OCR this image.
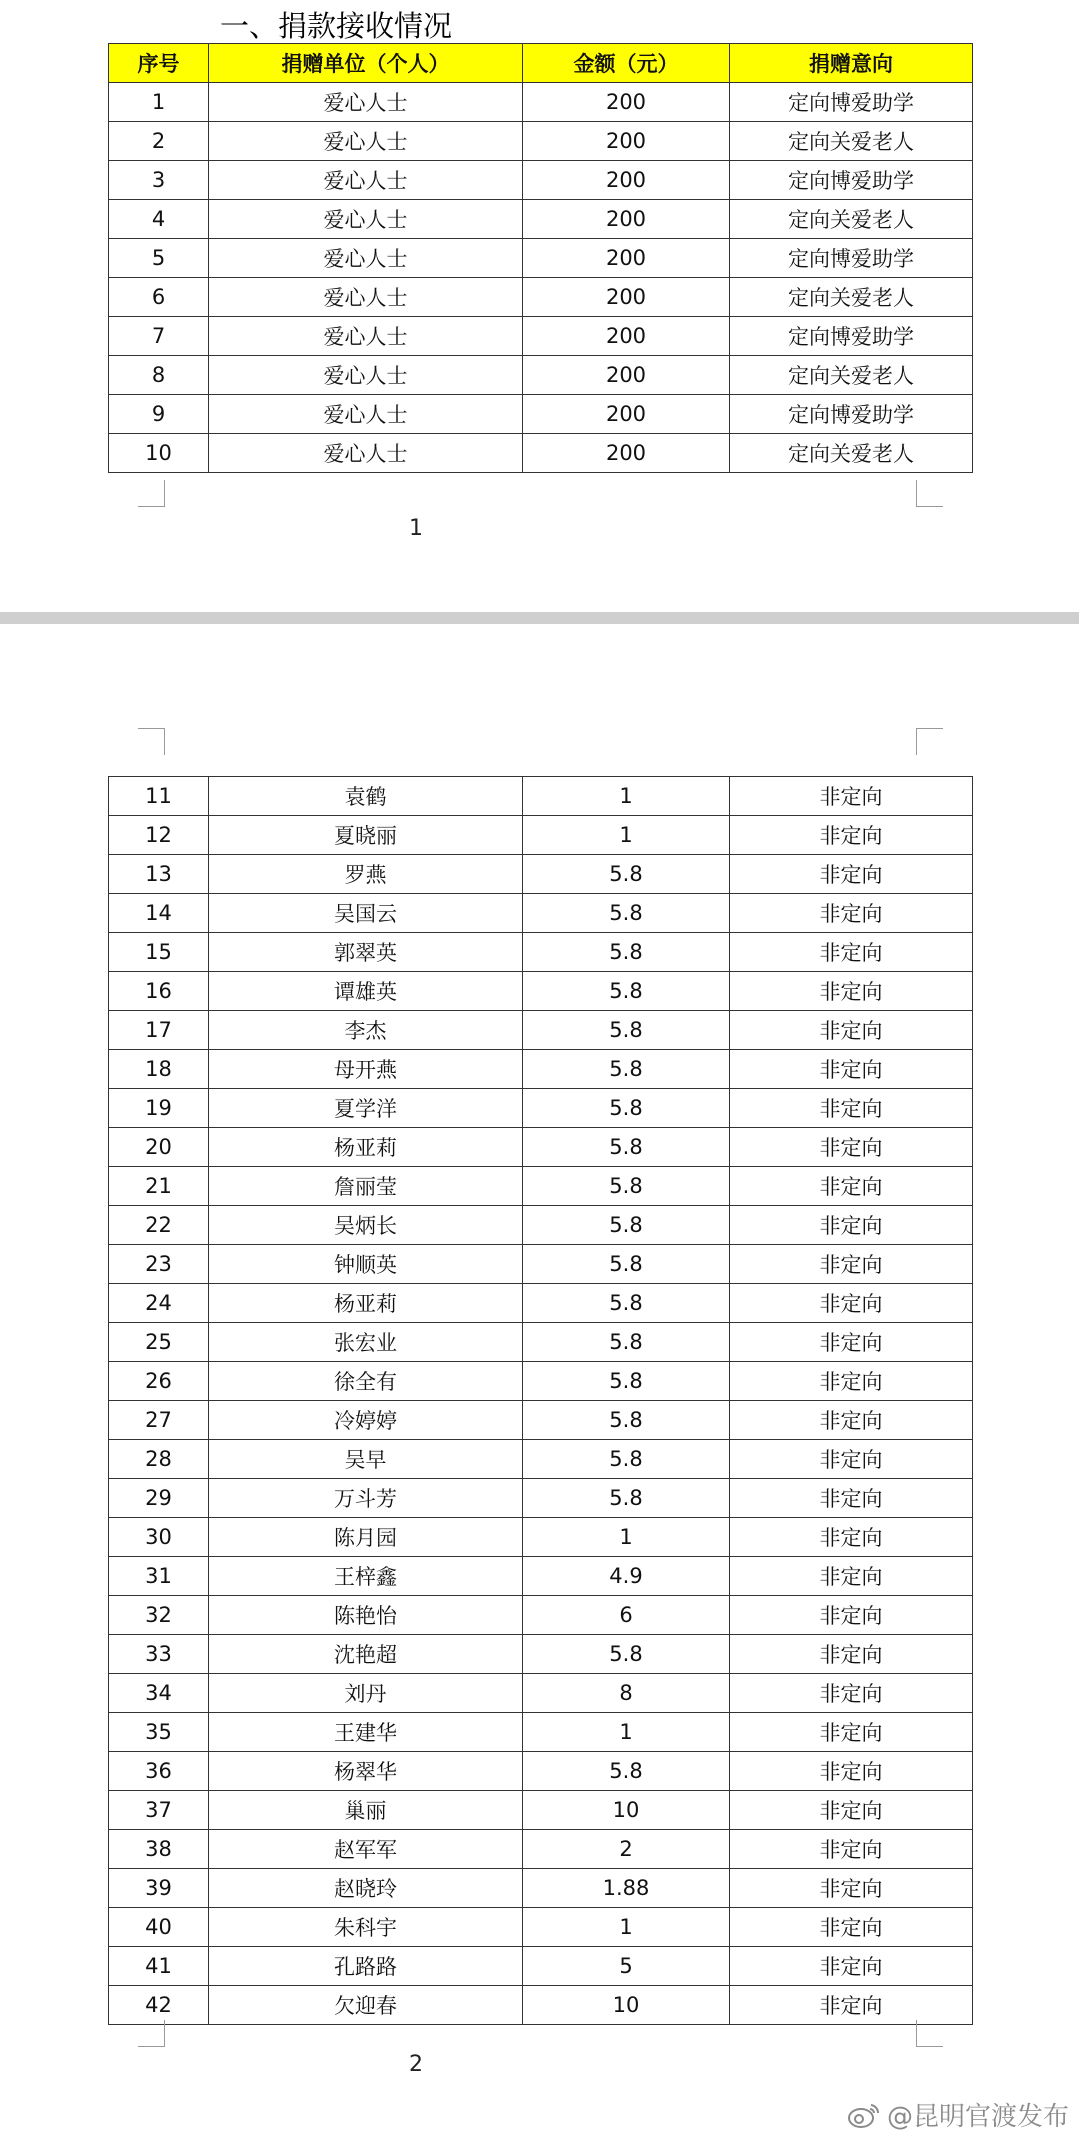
一、捐款接收情况
序号	捐赠单位（个人）	金额（元）	捐赠意向
1	爱心人士	200	定向博爱助学
2	爱心人士	200	定向关爱老人
3	爱心人士	200	定向博爱助学
4	爱心人士	200	定向关爱老人
5	爱心人士	200	定向博爱助学
6	爱心人士	200	定向关爱老人
7	爱心人士	200	定向博爱助学
8	爱心人士	200	定向关爱老人
9	爱心人士	200	定向博爱助学
10	爱心人士	200	定向关爱老人
1
11	袁鹤	1	非定向
12	夏晓丽	1	非定向
13	罗燕	5.8	非定向
14	吴国云	5.8	非定向
15	郭翠英	5.8	非定向
16	谭雄英	5.8	非定向
17	李杰	5.8	非定向
18	母开燕	5.8	非定向
19	夏学洋	5.8	非定向
20	杨亚莉	5.8	非定向
21	詹丽莹	5.8	非定向
22	吴炳长	5.8	非定向
23	钟顺英	5.8	非定向
24	杨亚莉	5.8	非定向
25	张宏业	5.8	非定向
26	徐全有	5.8	非定向
27	冷婷婷	5.8	非定向
28	吴早	5.8	非定向
29	万斗芳	5.8	非定向
30	陈月园	1	非定向
31	王梓鑫	4.9	非定向
32	陈艳怡	6	非定向
33	沈艳超	5.8	非定向
34	刘丹	8	非定向
35	王建华	1	非定向
36	杨翠华	5.8	非定向
37	巢丽	10	非定向
38	赵军军	2	非定向
39	赵晓玲	1.88	非定向
40	朱科宇	1	非定向
41	孔路路	5	非定向
42	欠迎春	10	非定向
2
@昆明官渡发布
